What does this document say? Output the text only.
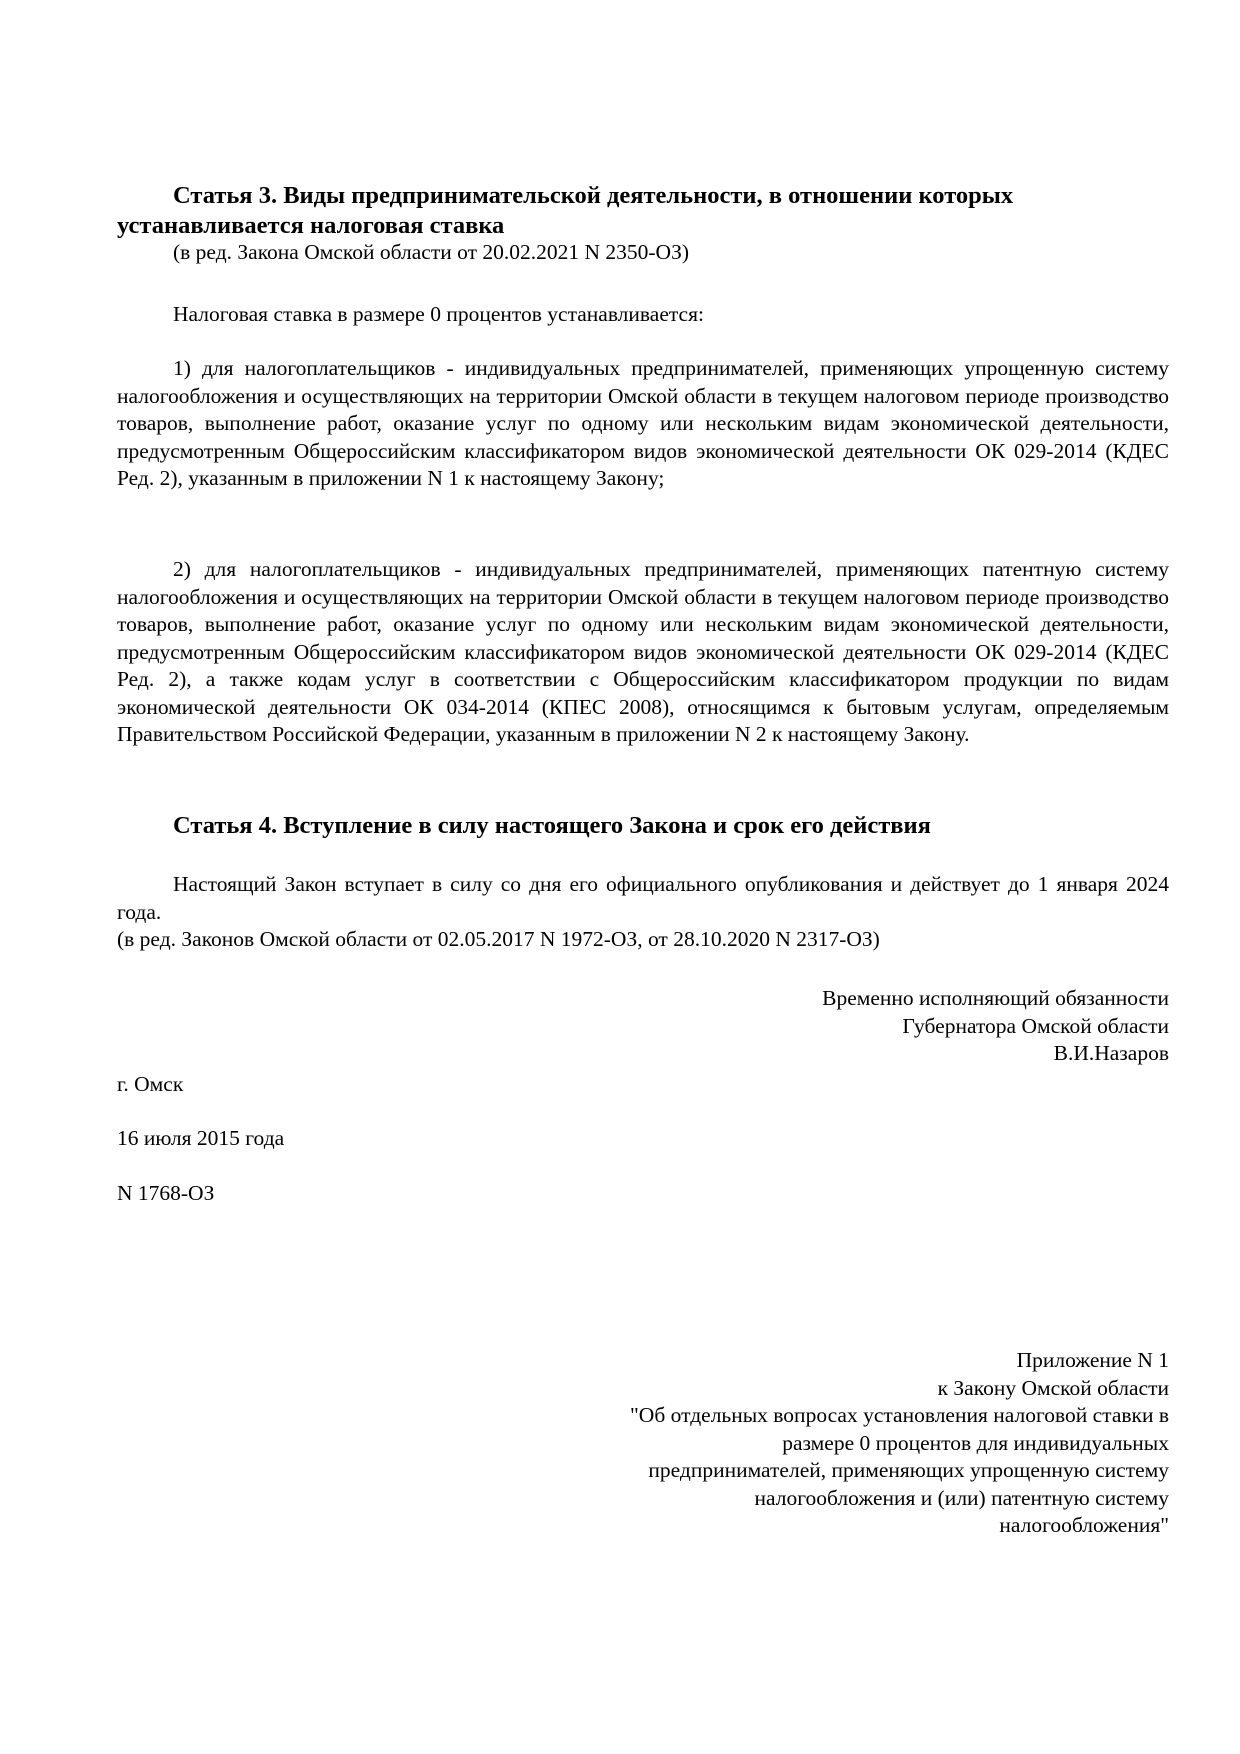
Статья 3. Виды предпринимательской деятельности, в отношении которых устанавливается налоговая ставка

(в ред. Закона Омской области от 20.02.2021 N 2350-ОЗ)

Налоговая ставка в размере 0 процентов устанавливается:

1) для налогоплательщиков - индивидуальных предпринимателей, применяющих упрощенную систему налогообложения и осуществляющих на территории Омской области в текущем налоговом периоде производство товаров, выполнение работ, оказание услуг по одному или нескольким видам экономической деятельности, предусмотренным Общероссийским классификатором видов экономической деятельности ОК 029-2014 (КДЕС Ред. 2), указанным в приложении N 1 к настоящему Закону;

2) для налогоплательщиков - индивидуальных предпринимателей, применяющих патентную систему налогообложения и осуществляющих на территории Омской области в текущем налоговом периоде производство товаров, выполнение работ, оказание услуг по одному или нескольким видам экономической деятельности, предусмотренным Общероссийским классификатором видов экономической деятельности ОК 029-2014 (КДЕС Ред. 2), а также кодам услуг в соответствии с Общероссийским классификатором продукции по видам экономической деятельности ОК 034-2014 (КПЕС 2008), относящимся к бытовым услугам, определяемым Правительством Российской Федерации, указанным в приложении N 2 к настоящему Закону.

Статья 4. Вступление в силу настоящего Закона и срок его действия

Настоящий Закон вступает в силу со дня его официального опубликования и действует до 1 января 2024 года.

(в ред. Законов Омской области от 02.05.2017 N 1972-ОЗ, от 28.10.2020 N 2317-ОЗ)

Временно исполняющий обязанности

Губернатора Омской области

В.И.Назаров

г. Омск

16 июля 2015 года

N 1768-ОЗ

Приложение N 1

к Закону Омской области

"Об отдельных вопросах установления налоговой ставки в

размере 0 процентов для индивидуальных

предпринимателей, применяющих упрощенную систему

налогообложения и (или) патентную систему

налогообложения"
